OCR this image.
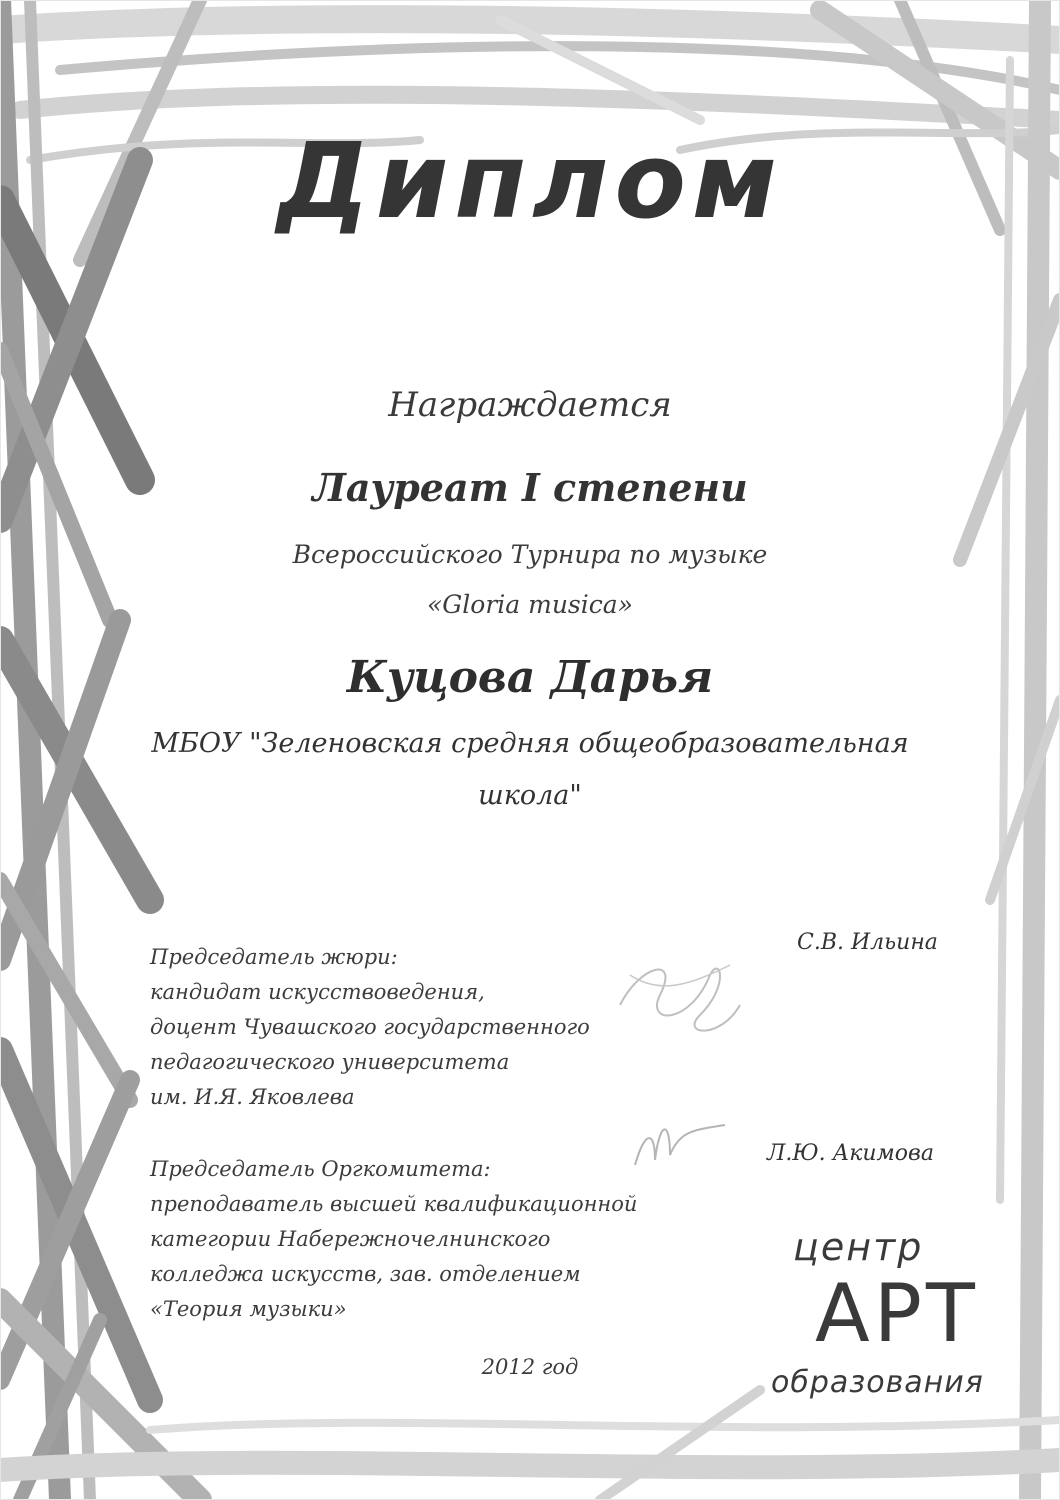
Диплом
Награждается
Лауреат I степени
Всероссийского Турнира по музыке
«Gloria musica»
Куцова Дарья
МБОУ "Зеленовская средняя общеобразовательная
школа"
Председатель жюри:
кандидат искусствоведения,
доцент Чувашского государственного
педагогического университета
им. И.Я. Яковлева
С.В. Ильина
Председатель Оргкомитета:
преподаватель высшей квалификационной
категории Набережночелнинского
колледжа искусств, зав. отделением
«Теория музыки»
Л.Ю. Акимова
центр
АРТ
образования
2012 год
